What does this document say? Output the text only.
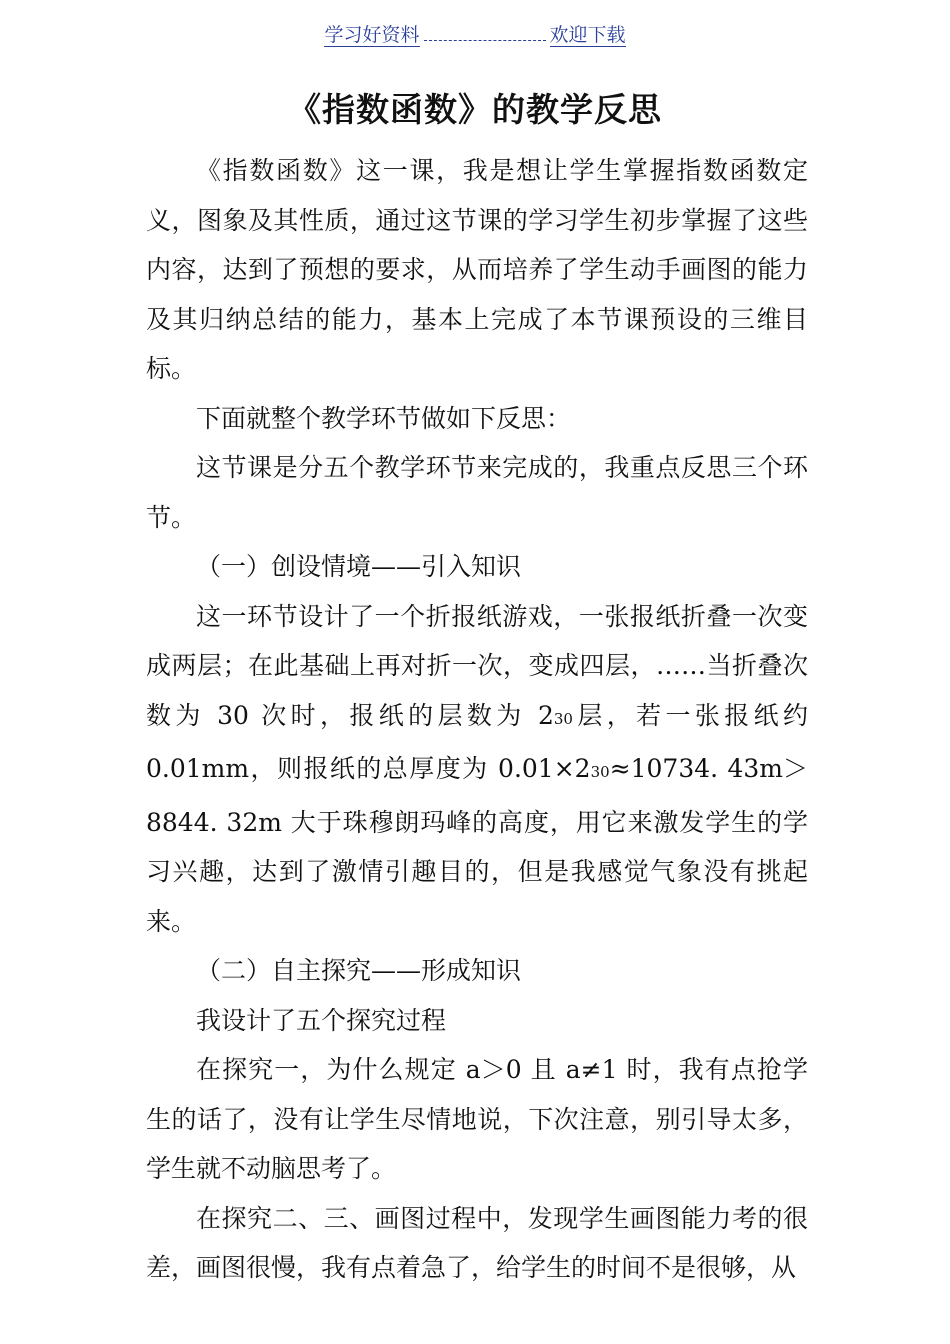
学习好资料	欢迎下载
《指数函数》的教学反思

《指数函数》这一课，我是想让学生掌握指数函数定义，图象及其性质，通过这节课的学习学生初步掌握了这些内容，达到了预想的要求，从而培养了学生动手画图的能力及其归纳总结的能力，基本上完成了本节课预设的三维目标。

下面就整个教学环节做如下反思：

这节课是分五个教学环节来完成的，我重点反思三个环节。

（一）创设情境——引入知识

这一环节设计了一个折报纸游戏，一张报纸折叠一次变成两层；在此基础上再对折一次，变成四层，……当折叠次数为 30 次时，报纸的层数为 230层，若一张报纸约 0.01mm，则报纸的总厚度为 0.01×230≈10734. 43m＞8844. 32m 大于珠穆朗玛峰的高度，用它来激发学生的学习兴趣，达到了激情引趣目的，但是我感觉气象没有挑起来。

（二）自主探究——形成知识

我设计了五个探究过程

在探究一，为什么规定 a＞0 且 a≠1 时，我有点抢学生的话了，没有让学生尽情地说，下次注意，别引导太多，学生就不动脑思考了。

在探究二、三、画图过程中，发现学生画图能力考的很差，画图很慢，我有点着急了，给学生的时间不是很够，从
